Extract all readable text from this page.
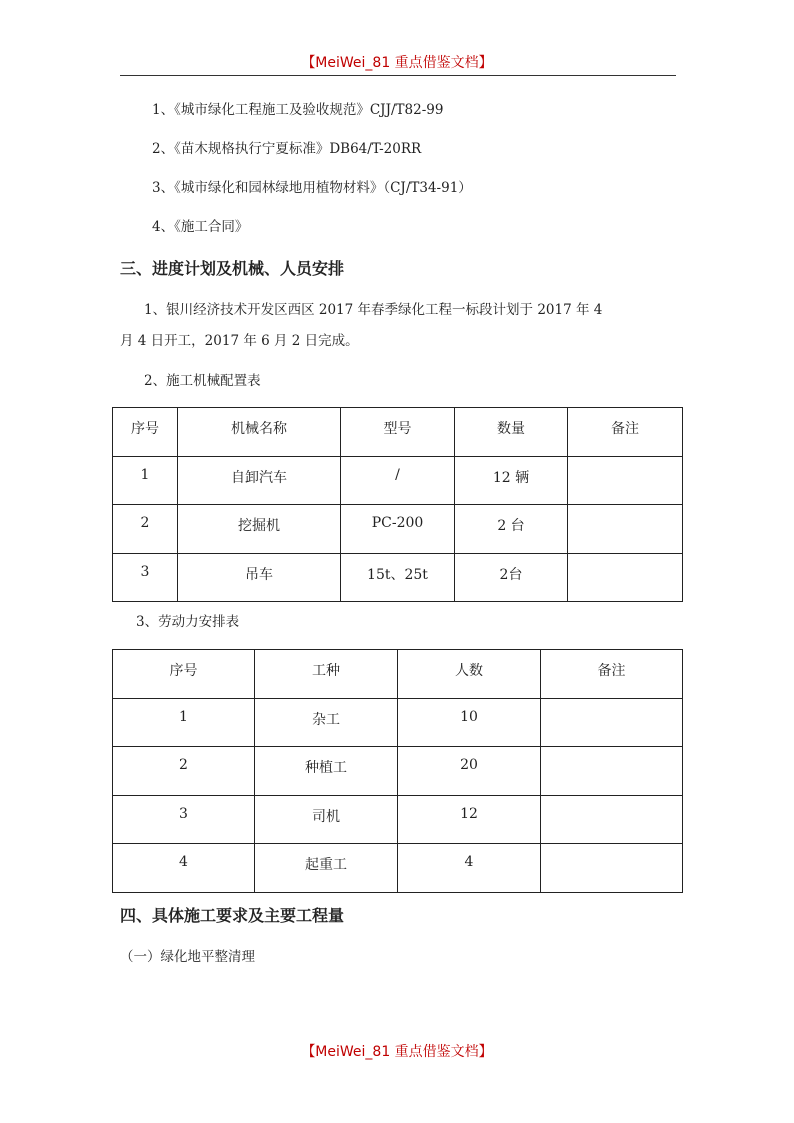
【MeiWei_81 重点借鉴文档】
1、《城市绿化工程施工及验收规范》CJJ/T82-99
2、《苗木规格执行宁夏标准》DB64/T-20RR
3、《城市绿化和园林绿地用植物材料》（CJ/T34-91）
4、《施工合同》
三、进度计划及机械、人员安排
1、银川经济技术开发区西区 2017 年春季绿化工程一标段计划于 2017 年 4
月 4 日开工，2017 年 6 月 2 日完成。
2、施工机械配置表
序号	机械名称	型号	数量	备注
1	自卸汽车	/	12 辆	
2	挖掘机	PC-200	2 台	
3	吊车	15t、25t	2台	
3、劳动力安排表
序号	工种	人数	备注
1	杂工	10	
2	种植工	20	
3	司机	12	
4	起重工	4	
四、具体施工要求及主要工程量
（一）绿化地平整清理
【MeiWei_81 重点借鉴文档】
